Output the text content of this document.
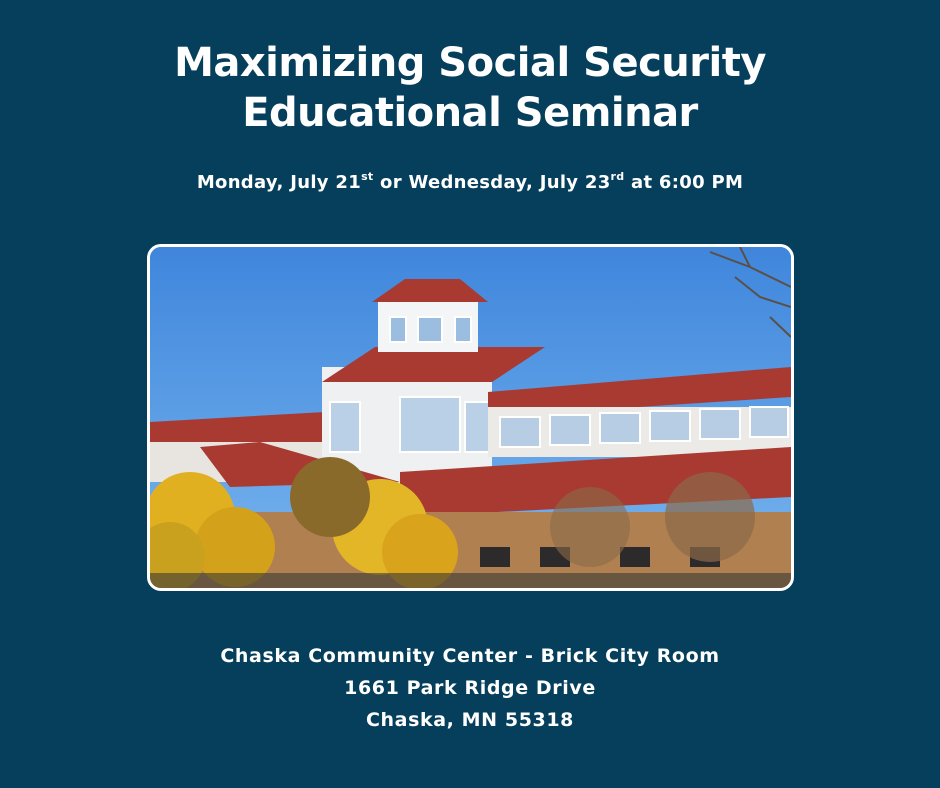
Maximizing Social Security
Educational Seminar
Monday, July 21st or Wednesday, July 23rd at 6:00 PM
Chaska Community Center - Brick City Room
1661 Park Ridge Drive
Chaska, MN 55318
